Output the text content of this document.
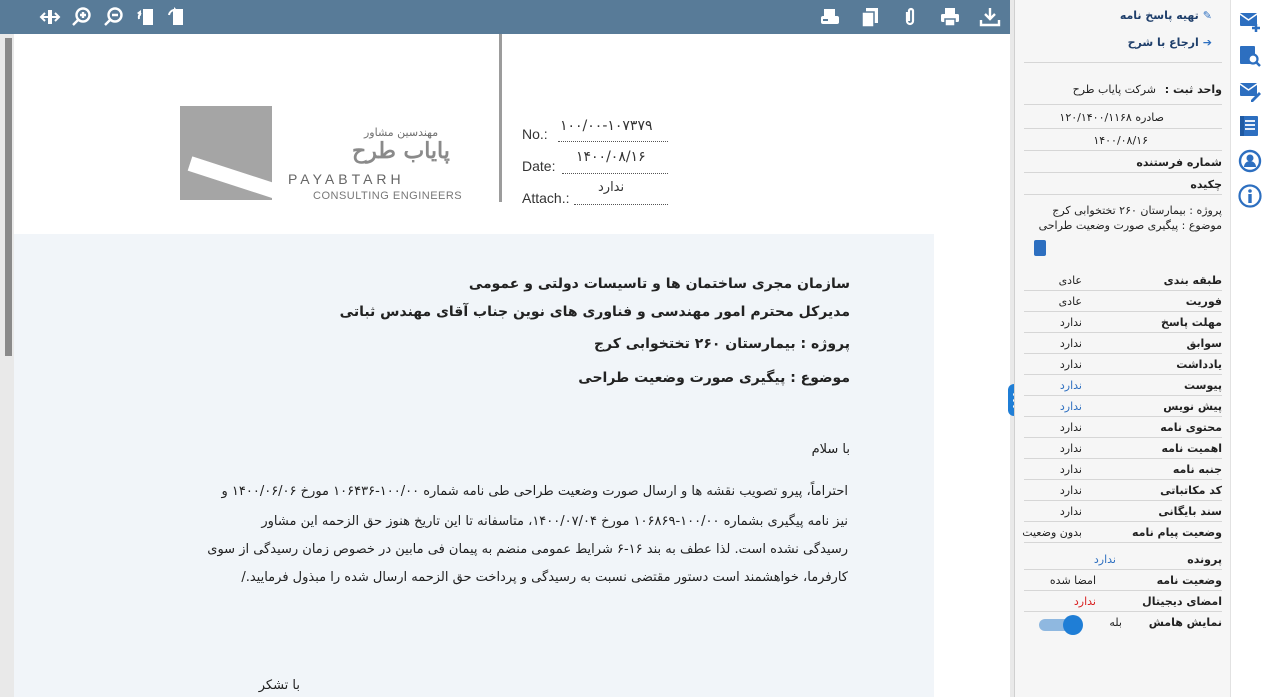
مهندسین مشاور
پایاب طرح
PAYABTARH
CONSULTING ENGINEERS
No.: ۱۰۰/۰۰-۱۰۷۳۷۹
Date:
۱۴۰۰/۰۸/۱۶
Attach.:
ندارد
سازمان مجری ساختمان ها و تاسیسات دولتی و عمومی
مدیرکل محترم امور مهندسی و فناوری های نوین جناب آقای مهندس ثباتی
پروژه : بیمارستان ۲۶۰ تختخوابی کرج
موضوع : پیگیری صورت وضعیت طراحی
با سلام
احتراماً، پیرو تصویب نقشه ها و ارسال صورت وضعیت طراحی طی نامه شماره ۱۰۰/۰۰-۱۰۶۴۳۶ مورخ ۱۴۰۰/۰۶/۰۶ و
نیز نامه پیگیری بشماره ۱۰۰/۰۰-۱۰۶۸۶۹ مورخ ۱۴۰۰/۰۷/۰۴، متاسفانه تا این تاریخ هنوز حق الزحمه این مشاور
رسیدگی نشده است. لذا عطف به بند ۱۶-۶ شرایط عمومی منضم به پیمان فی مابین در خصوص زمان رسیدگی از سوی
کارفرما، خواهشمند است دستور مقتضی نسبت به رسیدگی و پرداخت حق الزحمه ارسال شده را مبذول فرمایید./
با تشکر
✎
تهیه پاسخ نامه
➔
ارجاع با شرح
واحد ثبت :
شرکت پایاب طرح
صادره ۱۲۰/۱۴۰۰/۱۱۶۸
۱۴۰۰/۰۸/۱۶
شماره فرستنده
چکیده
پروژه : بیمارستان ۲۶۰ تختخوابی کرج
موضوع : پیگیری صورت وضعیت طراحی
طبقه بندی
عادی
فوریت
عادی
مهلت پاسخ
ندارد
سوابق
ندارد
یادداشت
ندارد
پیوست
ندارد
پیش نویس
ندارد
محتوی نامه
ندارد
اهمیت نامه
ندارد
جنبه نامه
ندارد
کد مکاتباتی
ندارد
سند بایگانی
ندارد
وضعیت پیام نامه
بدون وضعیت
پرونده
ندارد
وضعیت نامه
امضا شده
امضای دیجیتال
ندارد
نمایش هامش
بله
